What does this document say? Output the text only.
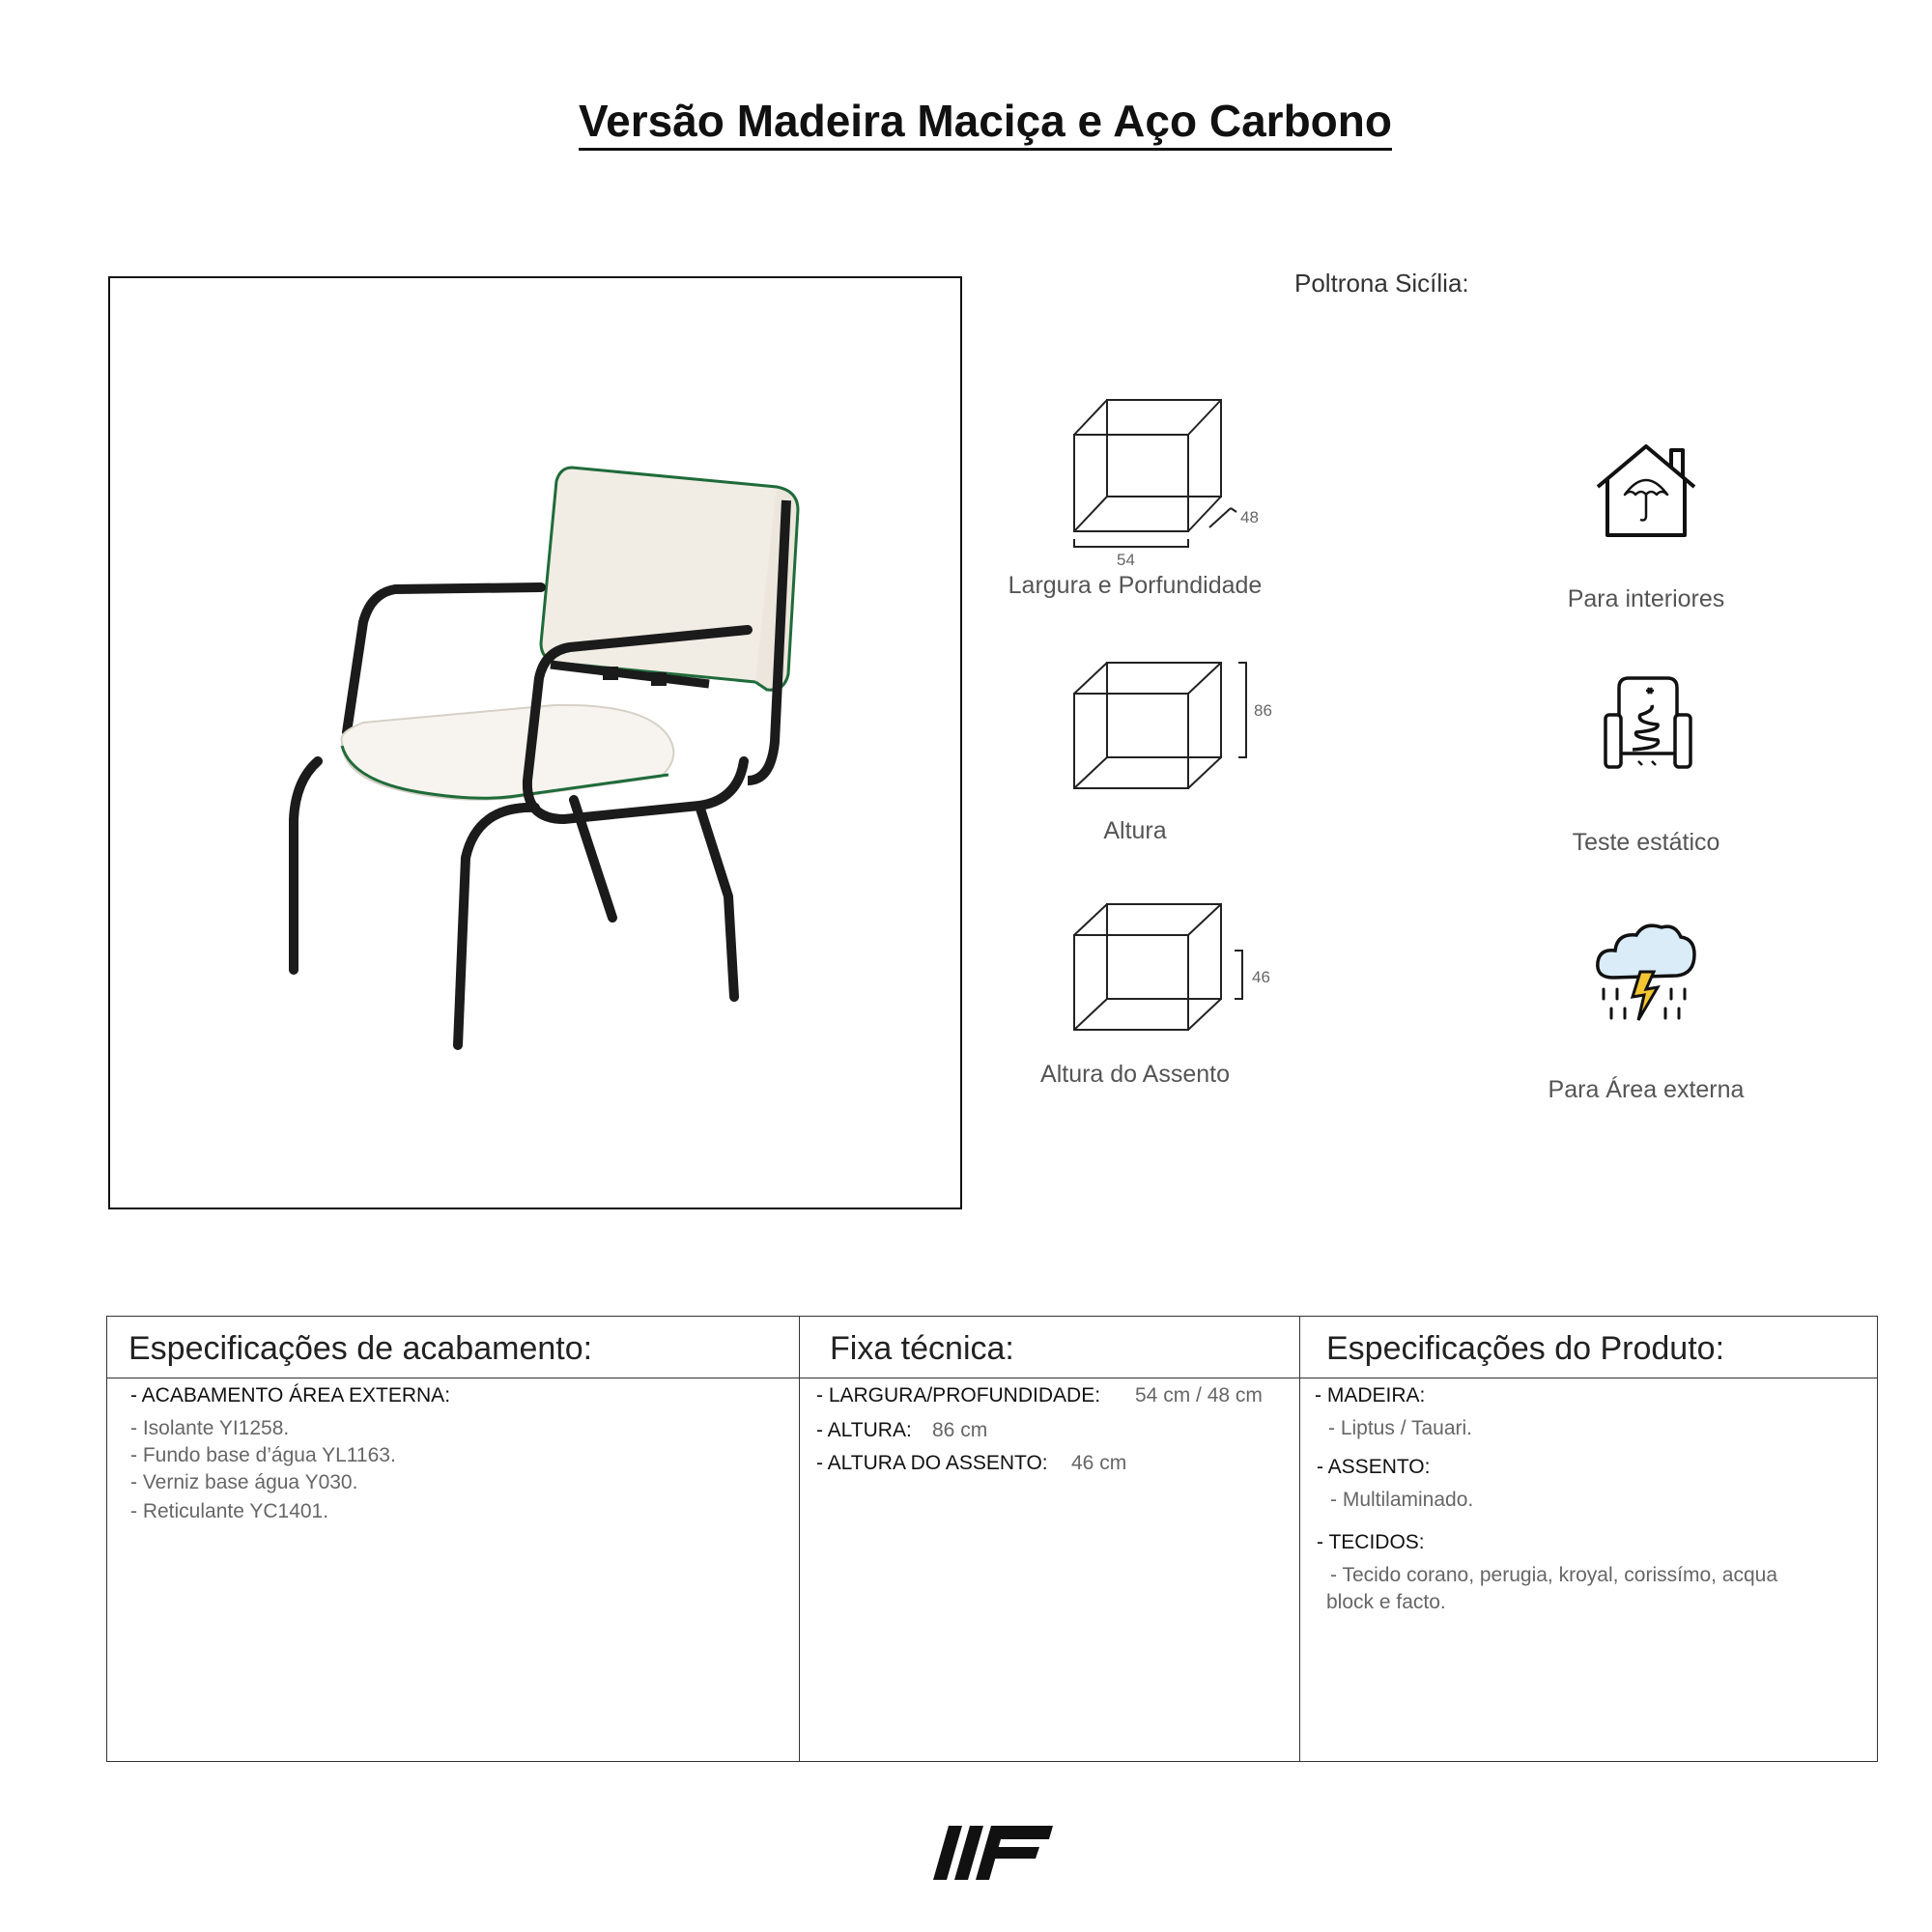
Versão Madeira Maciça e Aço Carbono
Poltrona Sicília:
54
48
Largura e Porfundidade
86
Altura
46
Altura do Assento
Para interiores
Teste estático
Para Área externa
Especificações de acabamento:	Fixa técnica:	Especificações do Produto:
- ACABAMENTO ÁREA EXTERNA:
- Isolante YI1258.
- Fundo base d’água YL1163.
- Verniz base água Y030.
- Reticulante YC1401.
- LARGURA/PROFUNDIDADE: 54 cm / 48 cm
- ALTURA: 86 cm
- ALTURA DO ASSENTO: 46 cm
- MADEIRA:
- Liptus / Tauari.
- ASSENTO:
- Multilaminado.
- TECIDOS:
- Tecido corano, perugia, kroyal, corissímo, acqua
block e facto.
